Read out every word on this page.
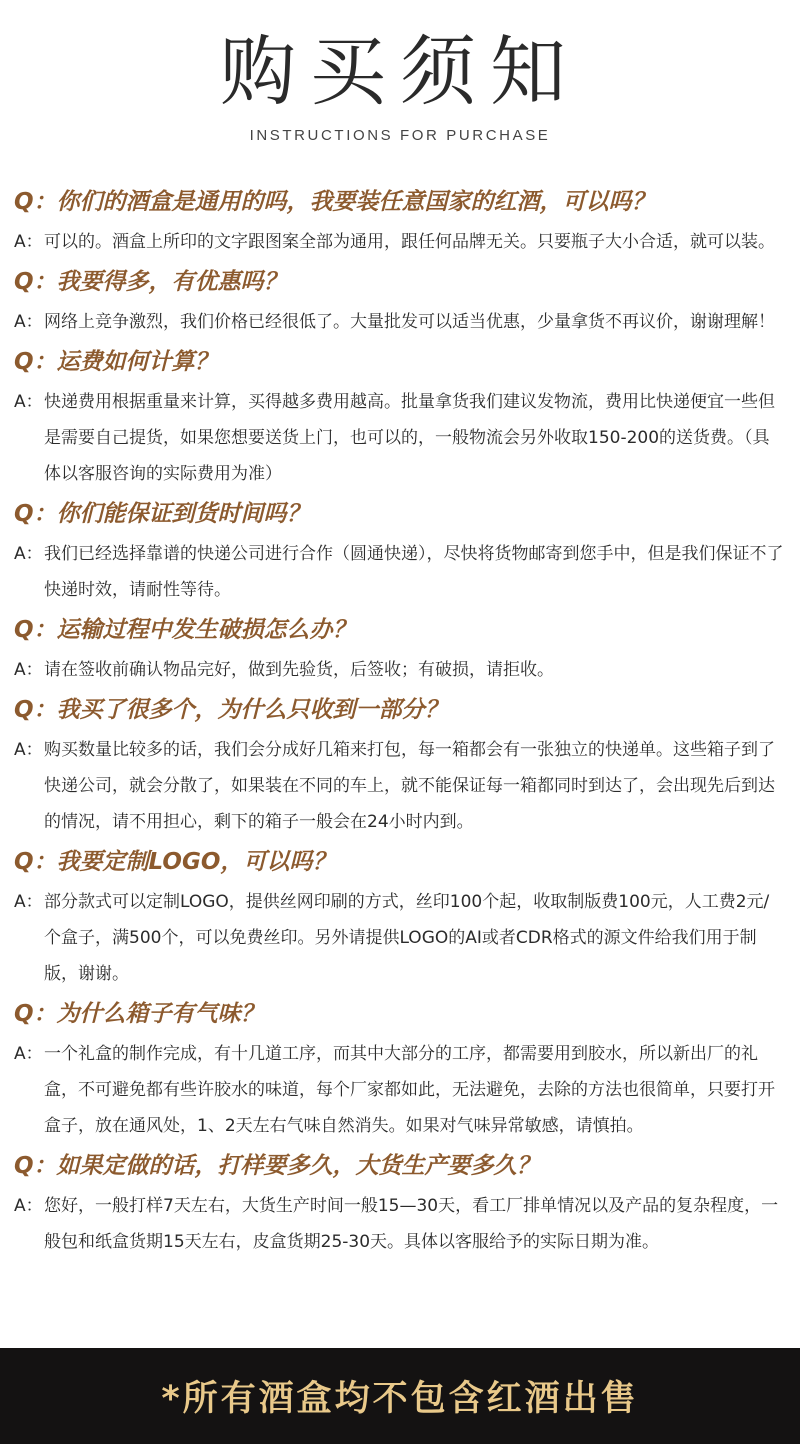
购买须知
INSTRUCTIONS FOR PURCHASE
Q：你们的酒盒是通用的吗，我要装任意国家的红酒，可以吗？
A： 可以的。酒盒上所印的文字跟图案全部为通用，跟任何品牌无关。只要瓶子大小合适，就可以装。
Q：我要得多，有优惠吗？
A： 网络上竞争激烈，我们价格已经很低了。大量批发可以适当优惠，少量拿货不再议价，谢谢理解！
Q：运费如何计算？
A： 快递费用根据重量来计算，买得越多费用越高。批量拿货我们建议发物流，费用比快递便宜一些但是需要自己提货，如果您想要送货上门，也可以的，一般物流会另外收取150-200的送货费。（具体以客服咨询的实际费用为准）
Q：你们能保证到货时间吗？
A： 我们已经选择靠谱的快递公司进行合作（圆通快递），尽快将货物邮寄到您手中，但是我们保证不了快递时效，请耐性等待。
Q：运输过程中发生破损怎么办？
A： 请在签收前确认物品完好，做到先验货，后签收；有破损，请拒收。
Q：我买了很多个，为什么只收到一部分？
A： 购买数量比较多的话，我们会分成好几箱来打包，每一箱都会有一张独立的快递单。这些箱子到了快递公司，就会分散了，如果装在不同的车上，就不能保证每一箱都同时到达了，会出现先后到达的情况，请不用担心，剩下的箱子一般会在24小时内到。
Q：我要定制LOGO，可以吗？
A： 部分款式可以定制LOGO，提供丝网印刷的方式，丝印100个起，收取制版费100元，人工费2元/个盒子，满500个，可以免费丝印。另外请提供LOGO的AI或者CDR格式的源文件给我们用于制版，谢谢。
Q：为什么箱子有气味？
A： 一个礼盒的制作完成，有十几道工序，而其中大部分的工序，都需要用到胶水，所以新出厂的礼盒，不可避免都有些许胶水的味道，每个厂家都如此，无法避免，去除的方法也很简单，只要打开盒子，放在通风处，1、2天左右气味自然消失。如果对气味异常敏感，请慎拍。
Q：如果定做的话，打样要多久，大货生产要多久？
A： 您好，一般打样7天左右，大货生产时间一般15—30天，看工厂排单情况以及产品的复杂程度，一般包和纸盒货期15天左右，皮盒货期25-30天。具体以客服给予的实际日期为准。
*所有酒盒均不包含红酒出售
